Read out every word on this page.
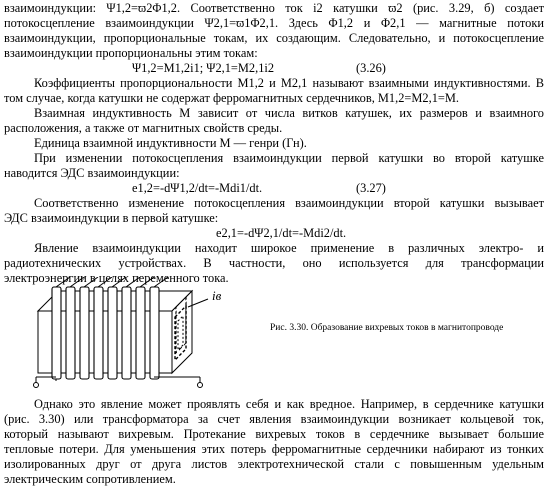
взаимоиндукции: Ψ1,2=ϖ2Φ1,2. Соответственно ток i2 катушки ϖ2 (рис. 3.29, б) создает
потокосцепление взаимоиндукции Ψ2,1=ϖ1Φ2,1. Здесь Φ1,2 и Φ2,1 — магнитные потоки
взаимоиндукции, пропорциональные токам, их создающим. Следовательно, и потокосцепление
взаимоиндукции пропорциональны этим токам:
Ψ1,2=M1,2i1; Ψ2,1=M2,1i2	(3.26)
Коэффициенты пропорциональности M1,2 и M2,1 называют взаимными индуктивностями. В
том случае, когда катушки не содержат ферромагнитных сердечников, M1,2=M2,1=M.
Взаимная индуктивность M зависит от числа витков катушек, их размеров и взаимного
расположения, а также от магнитных свойств среды.
Единица взаимной индуктивности M — генри (Гн).
При изменении потокосцепления взаимоиндукции первой катушки во второй катушке
наводится ЭДС взаимоиндукции:
e1,2=-dΨ1,2/dt=-Mdi1/dt.	(3.27)
Соответственно изменение потокосцепления взаимоиндукции второй катушки вызывает
ЭДС взаимоиндукции в первой катушке:
e2,1=-dΨ2,1/dt=-Mdi2/dt.
Явление взаимоиндукции находит широкое применение в различных электро- и
радиотехнических устройствах. В частности, оно используется для трансформации
электроэнергии в целях переменного тока.
iв
Рис. 3.30. Образование вихревых токов в магнитопроводе
Однако это явление может проявлять себя и как вредное. Например, в сердечнике катушки
(рис. 3.30) или трансформатора за счет явления взаимоиндукции возникает кольцевой ток,
который называют вихревым. Протекание вихревых токов в сердечнике вызывает большие
тепловые потери. Для уменьшения этих потерь ферромагнитные сердечники набирают из тонких
изолированных друг от друга листов электротехнической стали с повышенным удельным
электрическим сопротивлением.
